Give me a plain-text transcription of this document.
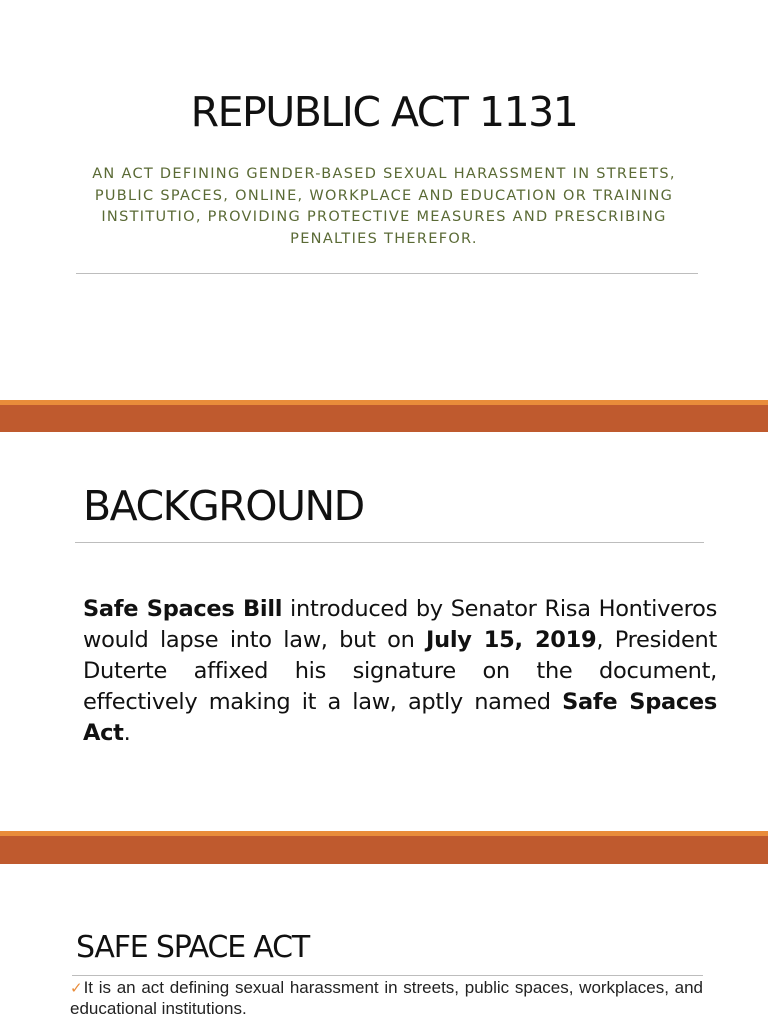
REPUBLIC ACT 1131
AN ACT DEFINING GENDER-BASED SEXUAL HARASSMENT IN STREETS, PUBLIC SPACES, ONLINE, WORKPLACE AND EDUCATION OR TRAINING INSTITUTIO, PROVIDING PROTECTIVE MEASURES AND PRESCRIBING PENALTIES THEREFOR.
BACKGROUND
Safe Spaces Bill introduced by Senator Risa Hontiveros would lapse into law, but on July 15, 2019, President Duterte affixed his signature on the document, effectively making it a law, aptly named Safe Spaces Act.
SAFE SPACE ACT
✓It is an act defining sexual harassment in streets, public spaces, workplaces, and educational institutions.
